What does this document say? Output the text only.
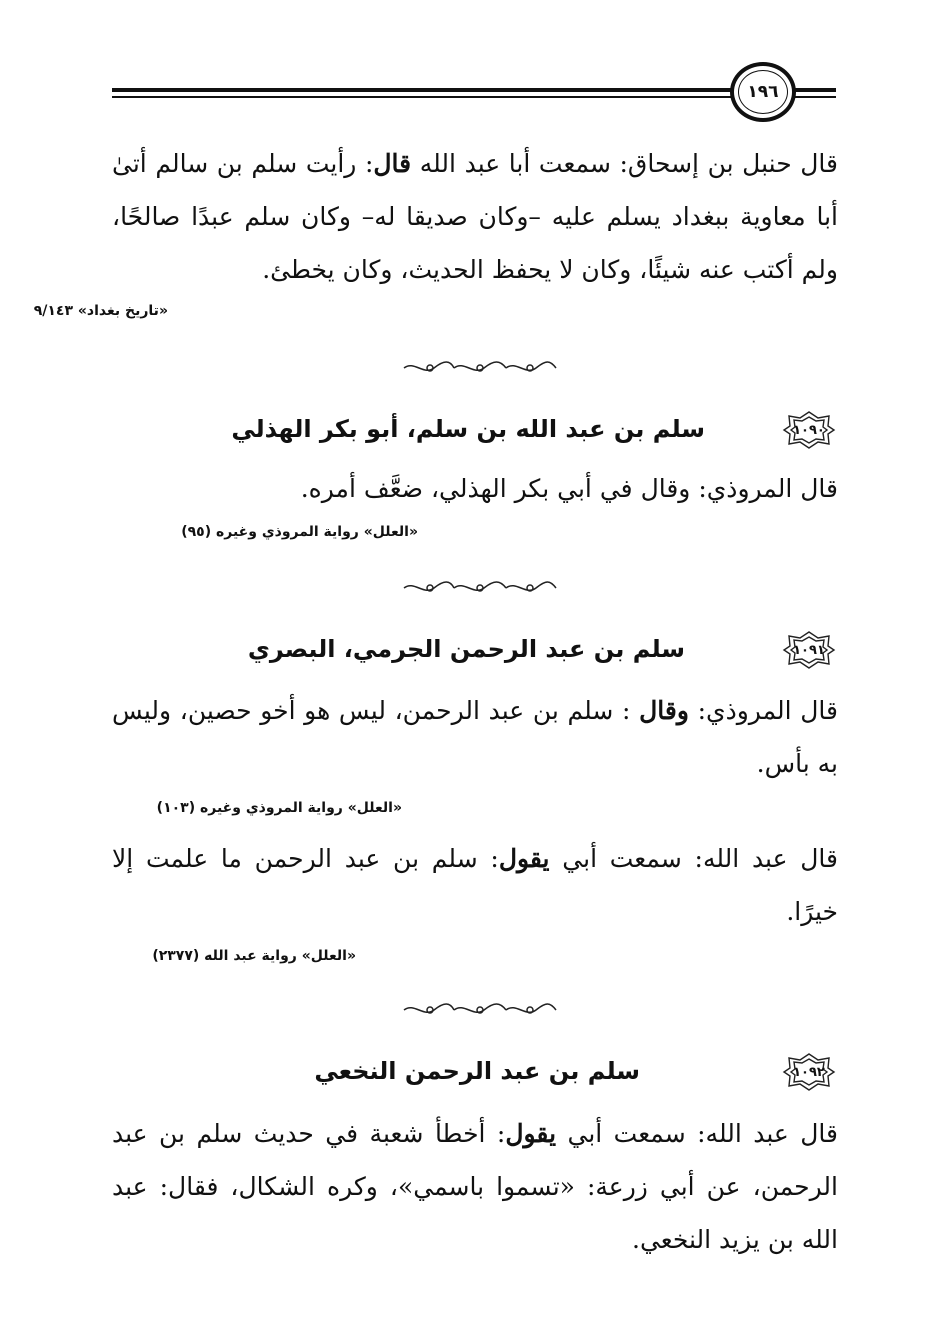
١٩٦
قال حنبل بن إسحاق: سمعت أبا عبد الله قال: رأيت سلم بن سالم أتىٰ أبا معاوية ببغداد يسلم عليه –وكان صديقا له– وكان سلم عبدًا صالحًا، ولم أكتب عنه شيئًا، وكان لا يحفظ الحديث، وكان يخطئ.
«تاريخ بغداد» ٩/١٤٣
١٠٩٠
سلم بن عبد الله بن سلم، أبو بكر الهذلي
قال المروذي: وقال في أبي بكر الهذلي، ضعَّف أمره.
«العلل» رواية المروذي وغيره (٩٥)
١٠٩١
سلم بن عبد الرحمن الجرمي، البصري
قال المروذي: وقال : سلم بن عبد الرحمن، ليس هو أخو حصين، وليس به بأس.
«العلل» رواية المروذي وغيره (١٠٣)
قال عبد الله: سمعت أبي يقول: سلم بن عبد الرحمن ما علمت إلا خيرًا.
«العلل» رواية عبد الله (٢٣٧٧)
١٠٩٢
سلم بن عبد الرحمن النخعي
قال عبد الله: سمعت أبي يقول: أخطأ شعبة في حديث سلم بن عبد الرحمن، عن أبي زرعة: «تسموا باسمي»، وكره الشكال، فقال: عبد الله بن يزيد النخعي.
